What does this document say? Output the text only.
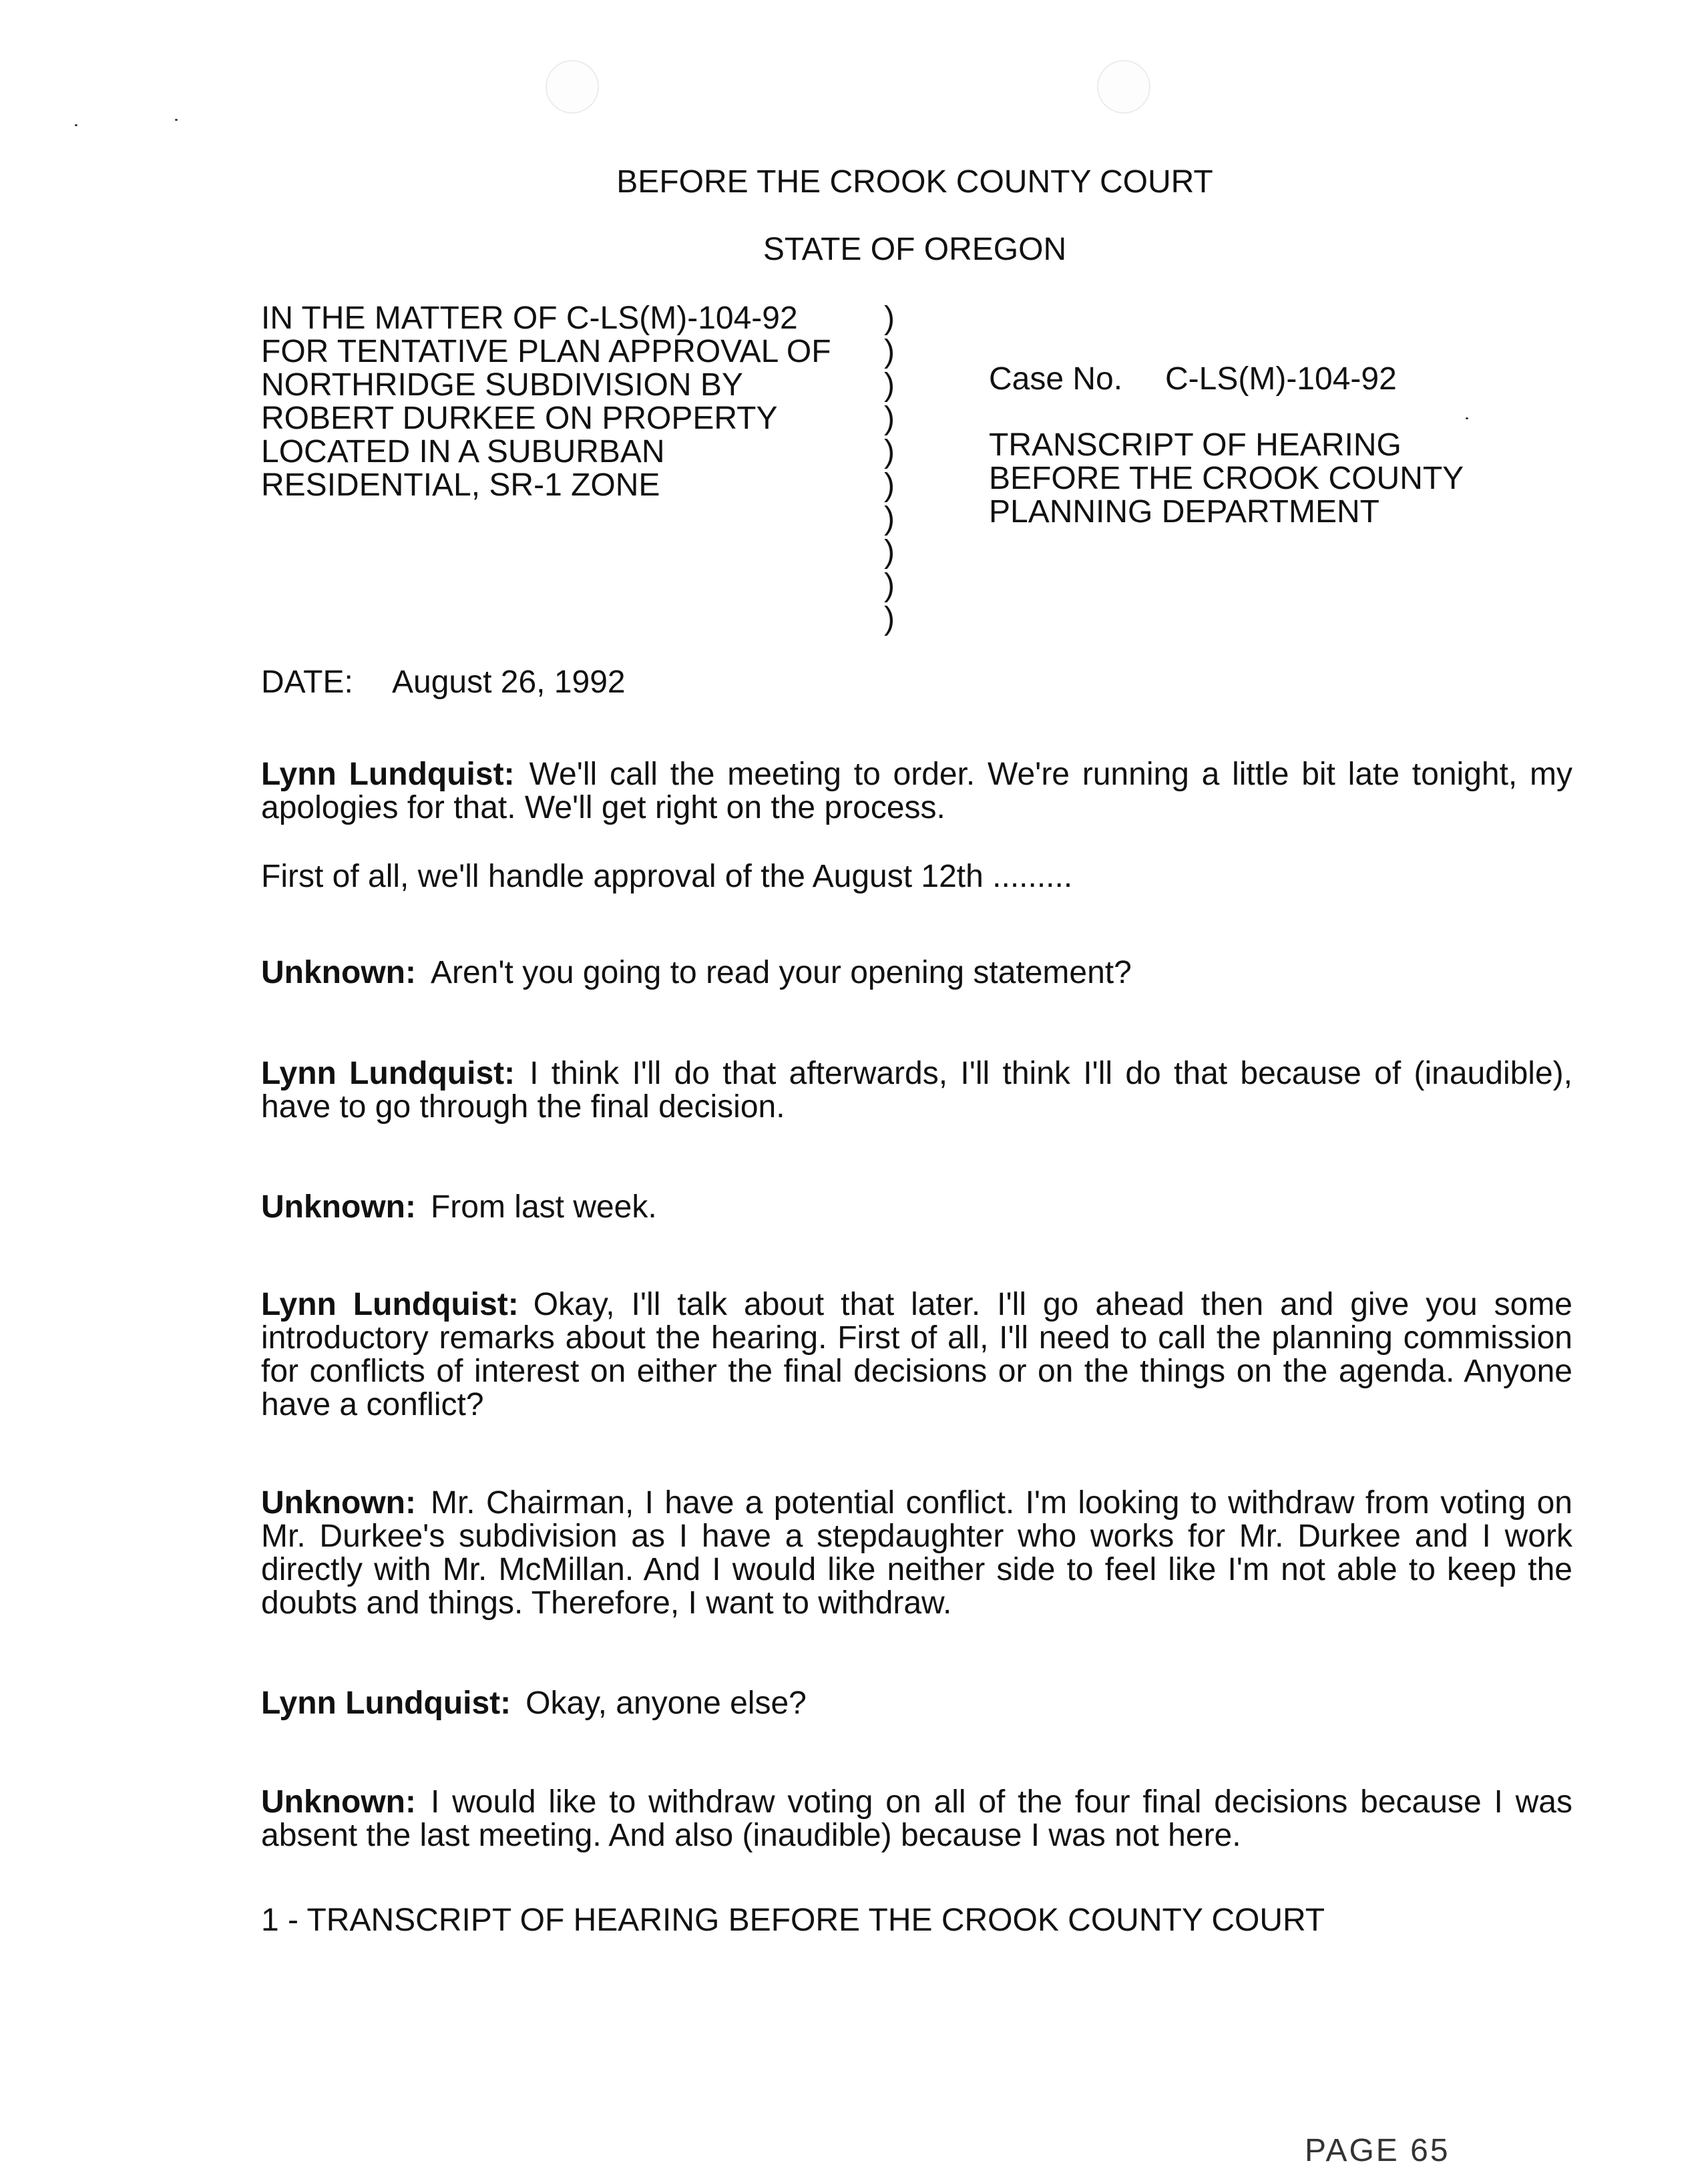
BEFORE THE CROOK COUNTY COURT
STATE OF OREGON
IN THE MATTER OF C-LS(M)-104-92
FOR TENTATIVE PLAN APPROVAL OF
NORTHRIDGE SUBDIVISION BY
ROBERT DURKEE ON PROPERTY
LOCATED IN A SUBURBAN
RESIDENTIAL, SR-1 ZONE
)
)
)
)
)
)
)
)
)
)
Case No. C-LS(M)-104-92
TRANSCRIPT OF HEARING
BEFORE THE CROOK COUNTY
PLANNING DEPARTMENT
DATE: August 26, 1992
Lynn Lundquist: We'll call the meeting to order. We're running a little bit late tonight, my apologies for that. We'll get right on the process.
First of all, we'll handle approval of the August 12th .........
Unknown: Aren't you going to read your opening statement?
Lynn Lundquist: I think I'll do that afterwards, I'll think I'll do that because of (inaudible), have to go through the final decision.
Unknown: From last week.
Lynn Lundquist: Okay, I'll talk about that later. I'll go ahead then and give you some introductory remarks about the hearing. First of all, I'll need to call the planning commission for conflicts of interest on either the final decisions or on the things on the agenda. Anyone have a conflict?
Unknown: Mr. Chairman, I have a potential conflict. I'm looking to withdraw from voting on Mr. Durkee's subdivision as I have a stepdaughter who works for Mr. Durkee and I work directly with Mr. McMillan. And I would like neither side to feel like I'm not able to keep the doubts and things. Therefore, I want to withdraw.
Lynn Lundquist: Okay, anyone else?
Unknown: I would like to withdraw voting on all of the four final decisions because I was absent the last meeting. And also (inaudible) because I was not here.
1 - TRANSCRIPT OF HEARING BEFORE THE CROOK COUNTY COURT
PAGE 65
